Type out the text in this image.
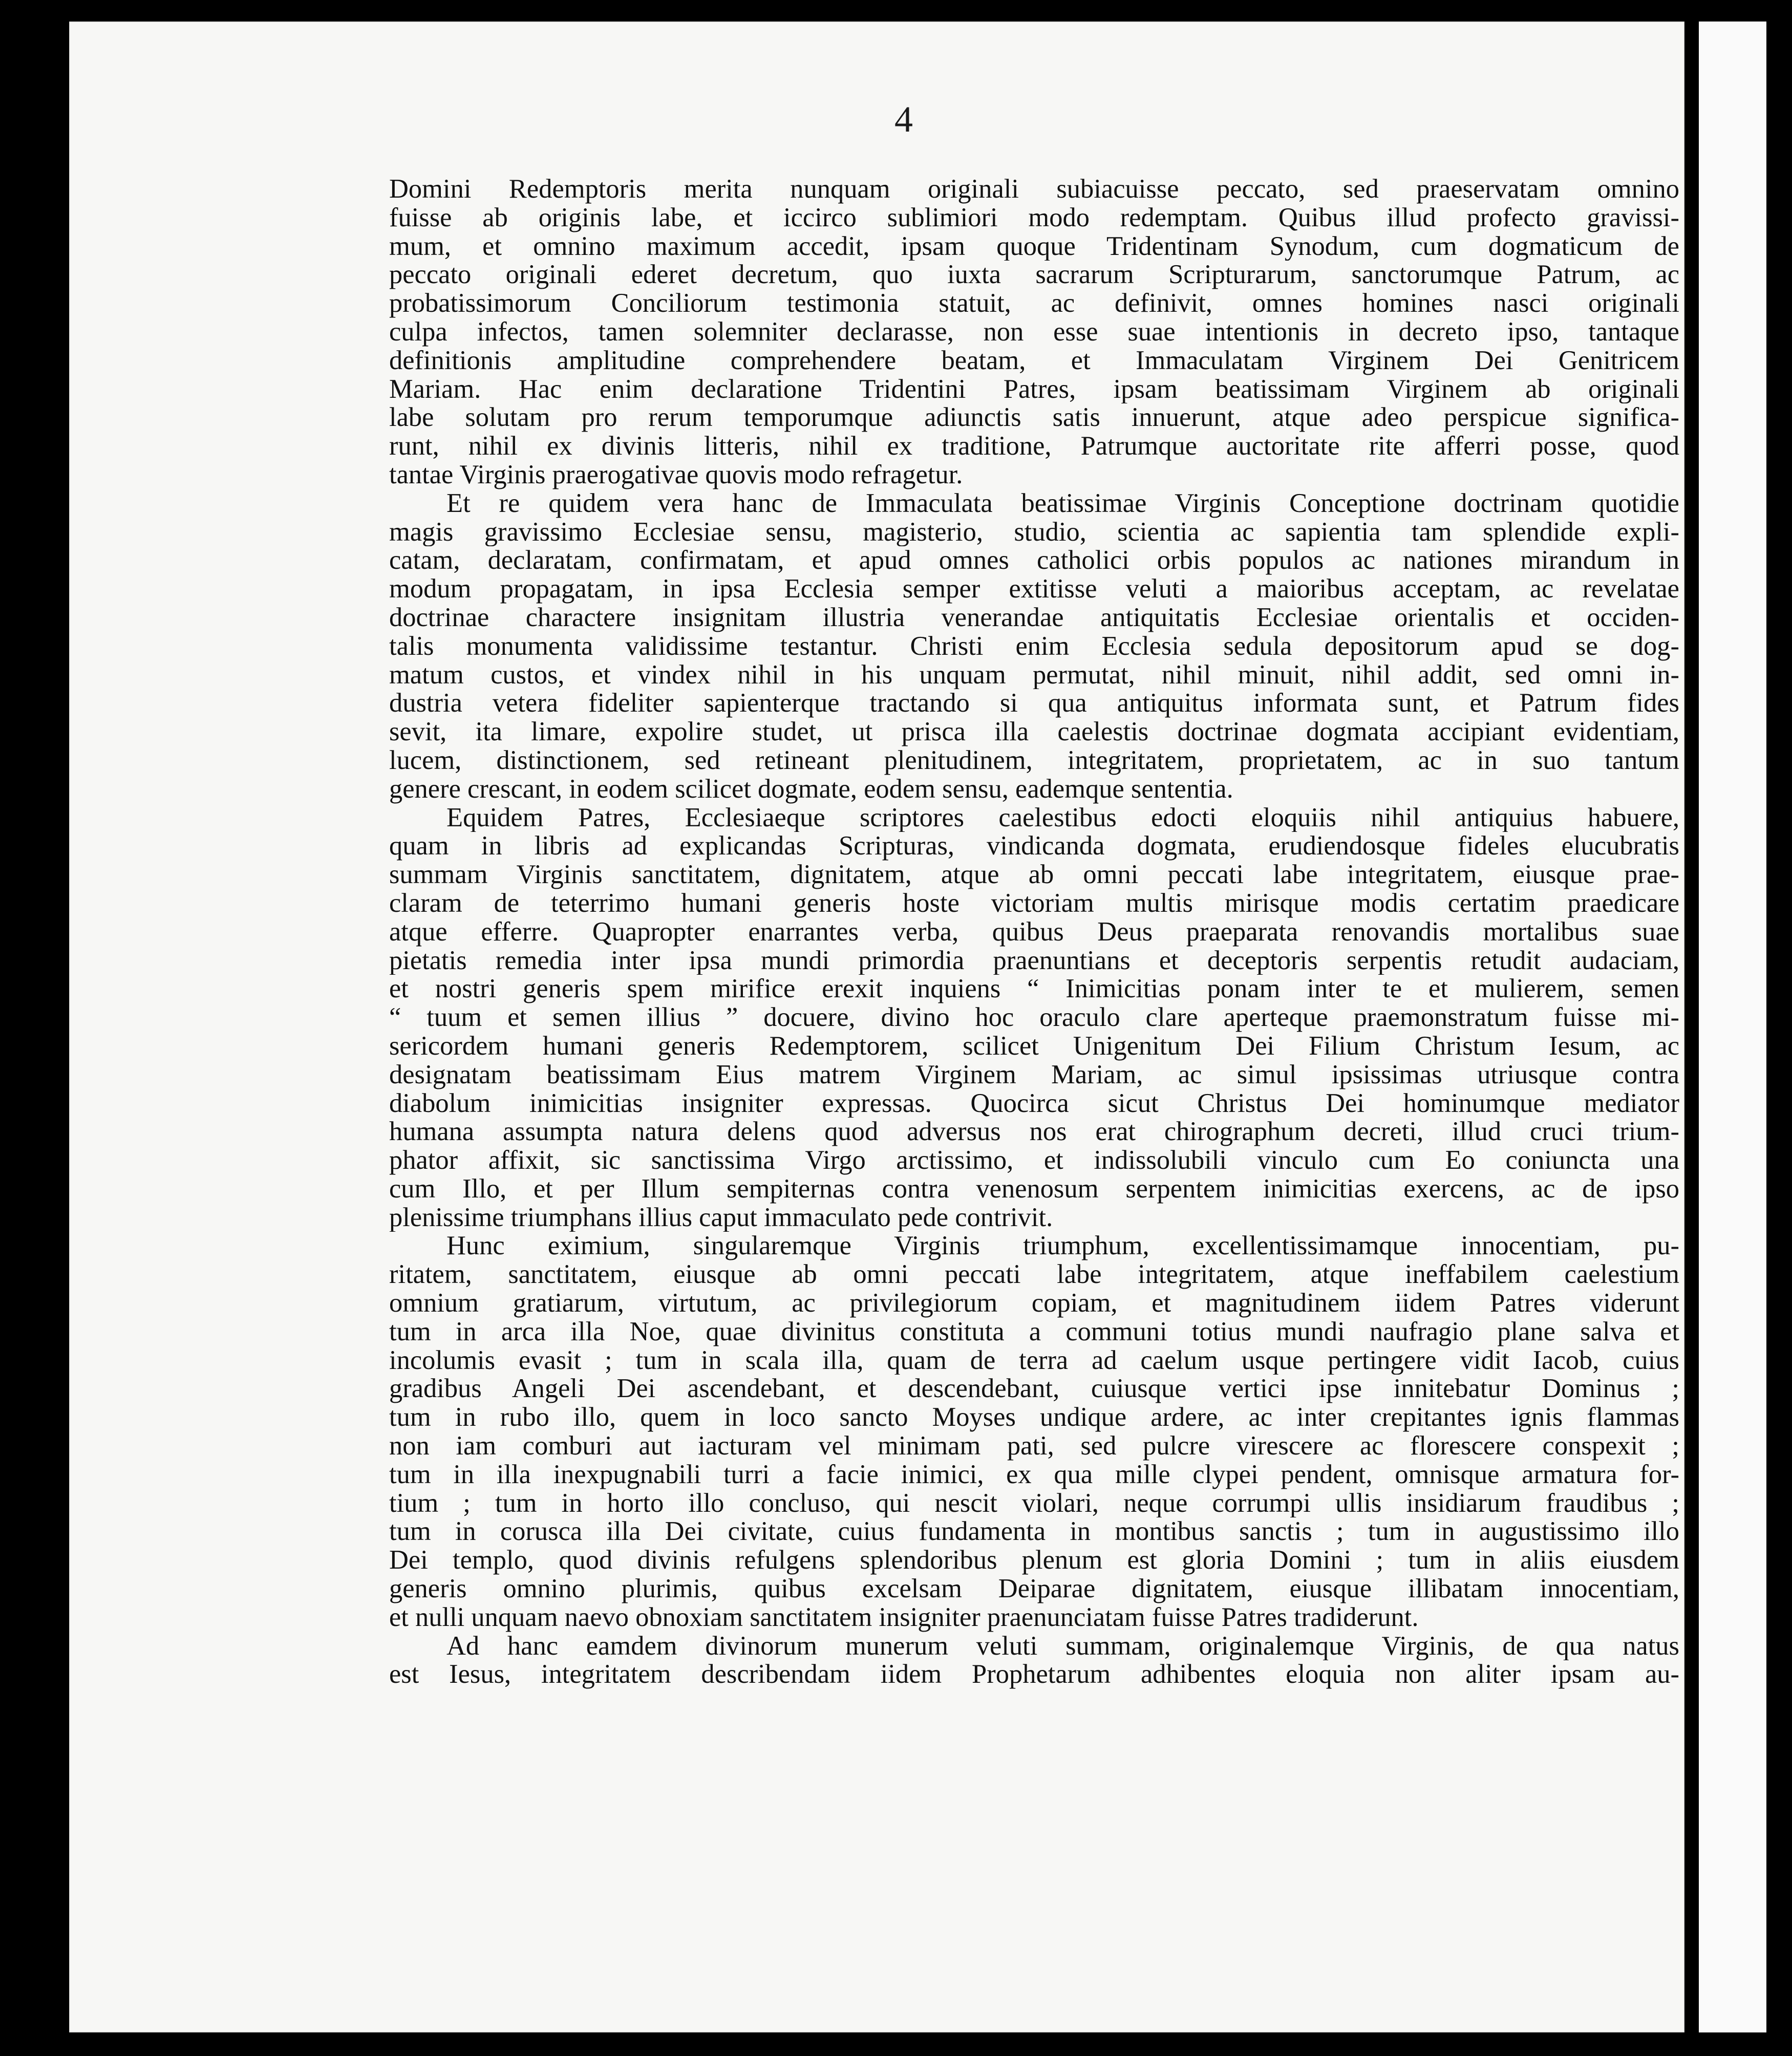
4
Domini Redemptoris merita nunquam originali subiacuisse peccato, sed praeservatam omnino
fuisse ab originis labe, et iccirco sublimiori modo redemptam. Quibus illud profecto gravissi-
mum, et omnino maximum accedit, ipsam quoque Tridentinam Synodum, cum dogmaticum de
peccato originali ederet decretum, quo iuxta sacrarum Scripturarum, sanctorumque Patrum, ac
probatissimorum Conciliorum testimonia statuit, ac definivit, omnes homines nasci originali
culpa infectos, tamen solemniter declarasse, non esse suae intentionis in decreto ipso, tantaque
definitionis amplitudine comprehendere beatam, et Immaculatam Virginem Dei Genitricem
Mariam. Hac enim declaratione Tridentini Patres, ipsam beatissimam Virginem ab originali
labe solutam pro rerum temporumque adiunctis satis innuerunt, atque adeo perspicue significa-
runt, nihil ex divinis litteris, nihil ex traditione, Patrumque auctoritate rite afferri posse, quod
tantae Virginis praerogativae quovis modo refragetur.
Et re quidem vera hanc de Immaculata beatissimae Virginis Conceptione doctrinam quotidie
magis gravissimo Ecclesiae sensu, magisterio, studio, scientia ac sapientia tam splendide expli-
catam, declaratam, confirmatam, et apud omnes catholici orbis populos ac nationes mirandum in
modum propagatam, in ipsa Ecclesia semper extitisse veluti a maioribus acceptam, ac revelatae
doctrinae charactere insignitam illustria venerandae antiquitatis Ecclesiae orientalis et occiden-
talis monumenta validissime testantur. Christi enim Ecclesia sedula depositorum apud se dog-
matum custos, et vindex nihil in his unquam permutat, nihil minuit, nihil addit, sed omni in-
dustria vetera fideliter sapienterque tractando si qua antiquitus informata sunt, et Patrum fides
sevit, ita limare, expolire studet, ut prisca illa caelestis doctrinae dogmata accipiant evidentiam,
lucem, distinctionem, sed retineant plenitudinem, integritatem, proprietatem, ac in suo tantum
genere crescant, in eodem scilicet dogmate, eodem sensu, eademque sententia.
Equidem Patres, Ecclesiaeque scriptores caelestibus edocti eloquiis nihil antiquius habuere,
quam in libris ad explicandas Scripturas, vindicanda dogmata, erudiendosque fideles elucubratis
summam Virginis sanctitatem, dignitatem, atque ab omni peccati labe integritatem, eiusque prae-
claram de teterrimo humani generis hoste victoriam multis mirisque modis certatim praedicare
atque efferre. Quapropter enarrantes verba, quibus Deus praeparata renovandis mortalibus suae
pietatis remedia inter ipsa mundi primordia praenuntians et deceptoris serpentis retudit audaciam,
et nostri generis spem mirifice erexit inquiens “ Inimicitias ponam inter te et mulierem, semen
“ tuum et semen illius ” docuere, divino hoc oraculo clare aperteque praemonstratum fuisse mi-
sericordem humani generis Redemptorem, scilicet Unigenitum Dei Filium Christum Iesum, ac
designatam beatissimam Eius matrem Virginem Mariam, ac simul ipsissimas utriusque contra
diabolum inimicitias insigniter expressas. Quocirca sicut Christus Dei hominumque mediator
humana assumpta natura delens quod adversus nos erat chirographum decreti, illud cruci trium-
phator affixit, sic sanctissima Virgo arctissimo, et indissolubili vinculo cum Eo coniuncta una
cum Illo, et per Illum sempiternas contra venenosum serpentem inimicitias exercens, ac de ipso
plenissime triumphans illius caput immaculato pede contrivit.
Hunc eximium, singularemque Virginis triumphum, excellentissimamque innocentiam, pu-
ritatem, sanctitatem, eiusque ab omni peccati labe integritatem, atque ineffabilem caelestium
omnium gratiarum, virtutum, ac privilegiorum copiam, et magnitudinem iidem Patres viderunt
tum in arca illa Noe, quae divinitus constituta a communi totius mundi naufragio plane salva et
incolumis evasit ; tum in scala illa, quam de terra ad caelum usque pertingere vidit Iacob, cuius
gradibus Angeli Dei ascendebant, et descendebant, cuiusque vertici ipse innitebatur Dominus ;
tum in rubo illo, quem in loco sancto Moyses undique ardere, ac inter crepitantes ignis flammas
non iam comburi aut iacturam vel minimam pati, sed pulcre virescere ac florescere conspexit ;
tum in illa inexpugnabili turri a facie inimici, ex qua mille clypei pendent, omnisque armatura for-
tium ; tum in horto illo concluso, qui nescit violari, neque corrumpi ullis insidiarum fraudibus ;
tum in corusca illa Dei civitate, cuius fundamenta in montibus sanctis ; tum in augustissimo illo
Dei templo, quod divinis refulgens splendoribus plenum est gloria Domini ; tum in aliis eiusdem
generis omnino plurimis, quibus excelsam Deiparae dignitatem, eiusque illibatam innocentiam,
et nulli unquam naevo obnoxiam sanctitatem insigniter praenunciatam fuisse Patres tradiderunt.
Ad hanc eamdem divinorum munerum veluti summam, originalemque Virginis, de qua natus
est Iesus, integritatem describendam iidem Prophetarum adhibentes eloquia non aliter ipsam au-
